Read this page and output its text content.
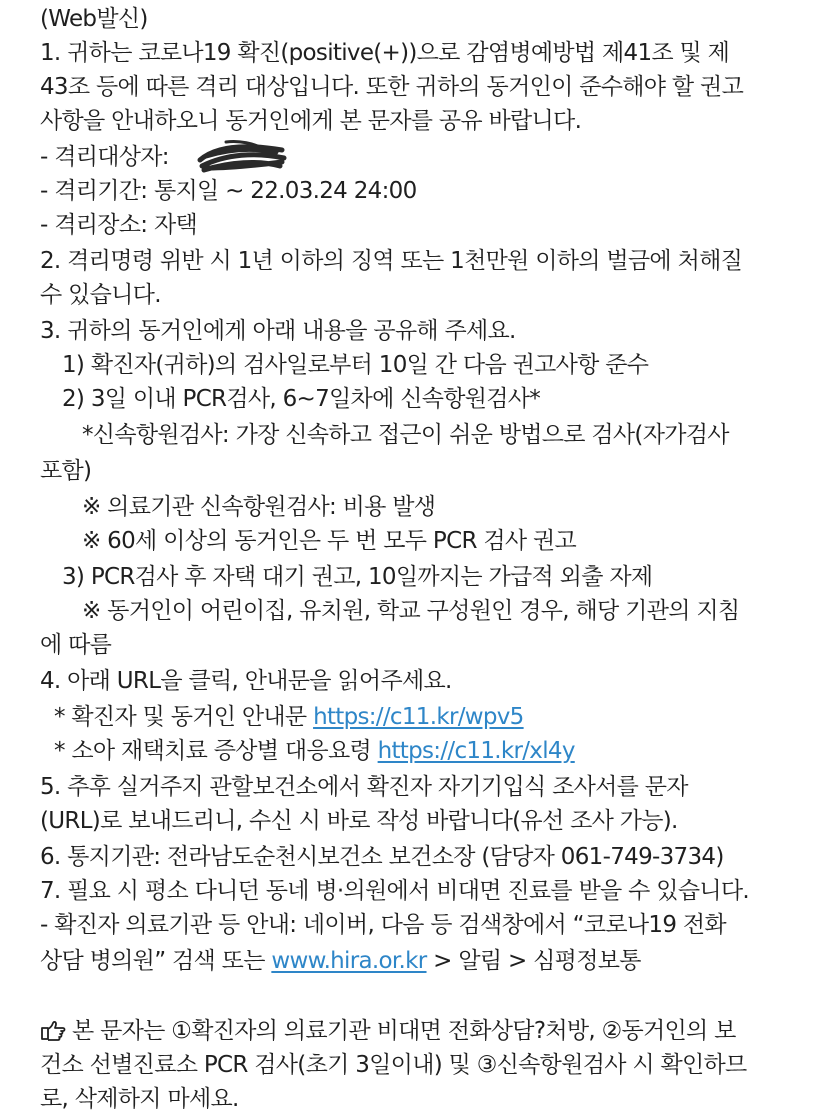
(Web발신)
1. 귀하는 코로나19 확진(positive(+))으로 감염병예방법 제41조 및 제
43조 등에 따른 격리 대상입니다. 또한 귀하의 동거인이 준수해야 할 권고
사항을 안내하오니 동거인에게 본 문자를 공유 바랍니다.
- 격리대상자:
- 격리기간: 통지일 ~ 22.03.24 24:00
- 격리장소: 자택
2. 격리명령 위반 시 1년 이하의 징역 또는 1천만원 이하의 벌금에 처해질
수 있습니다.
3. 귀하의 동거인에게 아래 내용을 공유해 주세요.
1) 확진자(귀하)의 검사일로부터 10일 간 다음 권고사항 준수
2) 3일 이내 PCR검사, 6~7일차에 신속항원검사*
*신속항원검사: 가장 신속하고 접근이 쉬운 방법으로 검사(자가검사
포함)
※ 의료기관 신속항원검사: 비용 발생
※ 60세 이상의 동거인은 두 번 모두 PCR 검사 권고
3) PCR검사 후 자택 대기 권고, 10일까지는 가급적 외출 자제
※ 동거인이 어린이집, 유치원, 학교 구성원인 경우, 해당 기관의 지침
에 따름
4. 아래 URL을 클릭, 안내문을 읽어주세요.
* 확진자 및 동거인 안내문 https://c11.kr/wpv5
* 소아 재택치료 증상별 대응요령 https://c11.kr/xl4y
5. 추후 실거주지 관할보건소에서 확진자 자기기입식 조사서를 문자
(URL)로 보내드리니, 수신 시 바로 작성 바랍니다(유선 조사 가능).
6. 통지기관: 전라남도순천시보건소 보건소장 (담당자 061-749-3734)
7. 필요 시 평소 다니던 동네 병·의원에서 비대면 진료를 받을 수 있습니다.
- 확진자 의료기관 등 안내: 네이버, 다음 등 검색창에서 “코로나19 전화
상담 병의원” 검색 또는 www.hira.or.kr > 알림 > 심평정보통
본 문자는 ①확진자의 의료기관 비대면 전화상담?처방, ②동거인의 보
건소 선별진료소 PCR 검사(초기 3일이내) 및 ③신속항원검사 시 확인하므
로, 삭제하지 마세요.
